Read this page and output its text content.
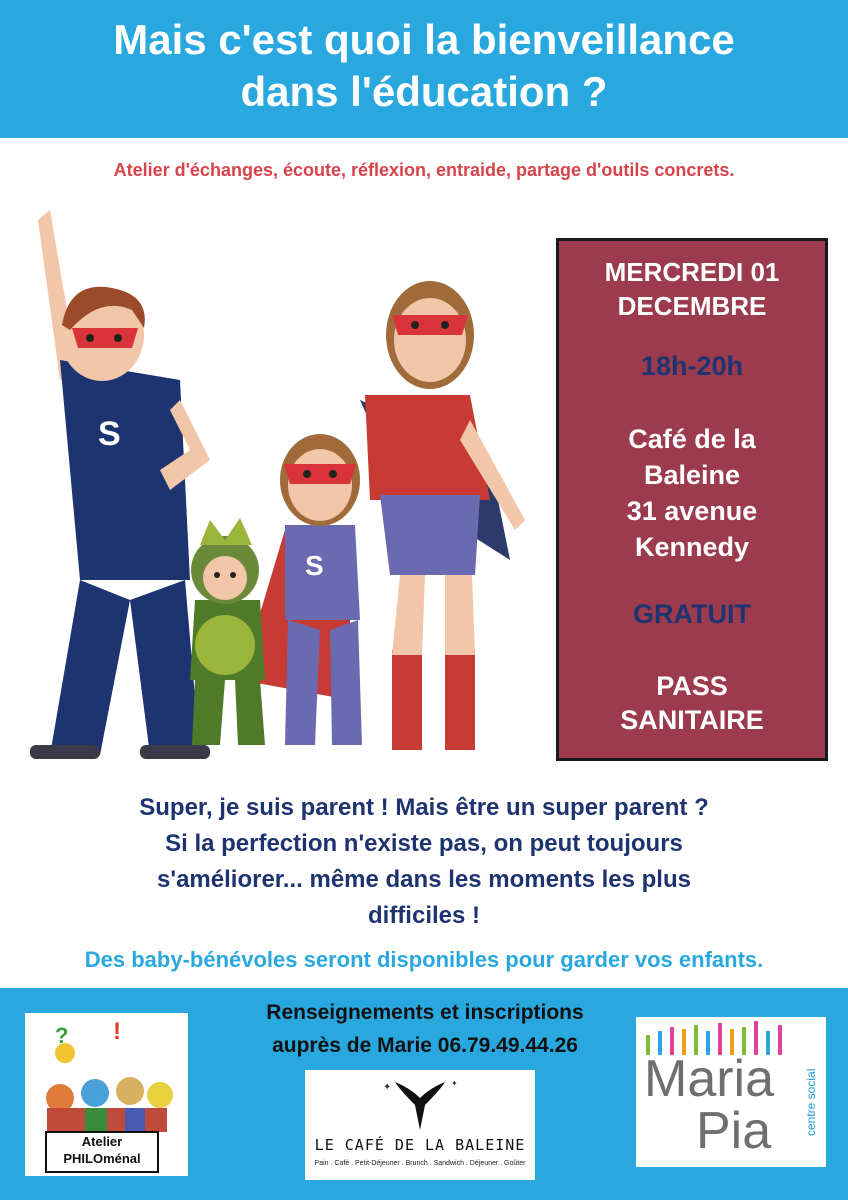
Mais c'est quoi la bienveillance
dans l'éducation ?
Atelier d'échanges, écoute, réflexion, entraide, partage d'outils concrets.
S
S
MERCREDI 01
DECEMBRE
18h-20h
Café de la
Baleine
31 avenue
Kennedy
GRATUIT
PASS
SANITAIRE
Super, je suis parent ! Mais être un super parent ?
Si la perfection n'existe pas, on peut toujours
s'améliorer... même dans les moments les plus
difficiles !
Des baby-bénévoles seront disponibles pour garder vos enfants.
Renseignements et inscriptions
auprès de Marie 06.79.49.44.26
? !
Atelier
PHILOménal
✦	✦
LE CAFÉ DE LA BALEINE
Pain . Café . Petit-Déjeuner . Brunch . Sandwich . Déjeuner . Goûter
Maria
Pia	centre social
